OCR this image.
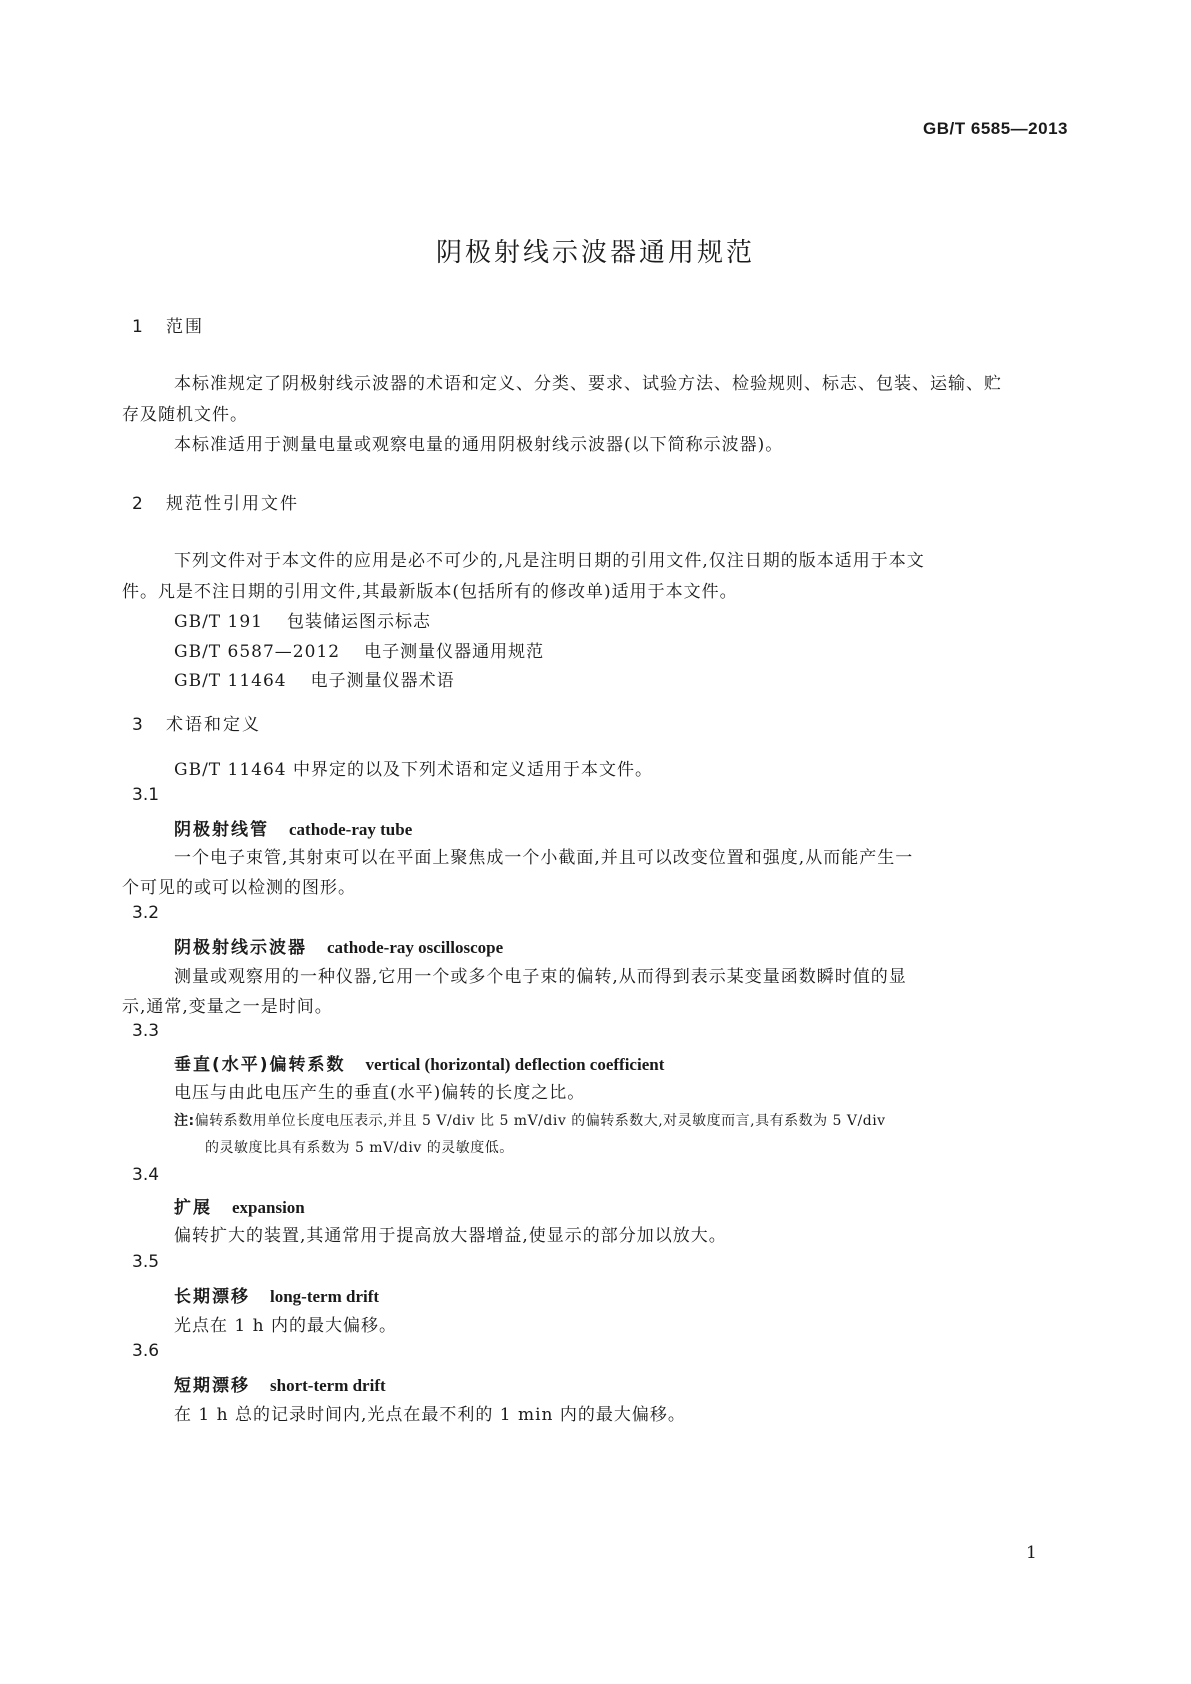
GB/T 6585—2013
阴极射线示波器通用规范
1 范围
本标准规定了阴极射线示波器的术语和定义、分类、要求、试验方法、检验规则、标志、包装、运输、贮
存及随机文件。
本标准适用于测量电量或观察电量的通用阴极射线示波器(以下简称示波器)。
2 规范性引用文件
下列文件对于本文件的应用是必不可少的,凡是注明日期的引用文件,仅注日期的版本适用于本文
件。凡是不注日期的引用文件,其最新版本(包括所有的修改单)适用于本文件。
GB/T 191 包装储运图示标志
GB/T 6587—2012 电子测量仪器通用规范
GB/T 11464 电子测量仪器术语
3 术语和定义
GB/T 11464 中界定的以及下列术语和定义适用于本文件。
3.1
阴极射线管 cathode-ray tube
一个电子束管,其射束可以在平面上聚焦成一个小截面,并且可以改变位置和强度,从而能产生一
个可见的或可以检测的图形。
3.2
阴极射线示波器 cathode-ray oscilloscope
测量或观察用的一种仪器,它用一个或多个电子束的偏转,从而得到表示某变量函数瞬时值的显
示,通常,变量之一是时间。
3.3
垂直(水平)偏转系数 vertical (horizontal) deflection coefficient
电压与由此电压产生的垂直(水平)偏转的长度之比。
注:偏转系数用单位长度电压表示,并且 5 V/div 比 5 mV/div 的偏转系数大,对灵敏度而言,具有系数为 5 V/div
的灵敏度比具有系数为 5 mV/div 的灵敏度低。
3.4
扩展 expansion
偏转扩大的装置,其通常用于提高放大器增益,使显示的部分加以放大。
3.5
长期漂移 long-term drift
光点在 1 h 内的最大偏移。
3.6
短期漂移 short-term drift
在 1 h 总的记录时间内,光点在最不利的 1 min 内的最大偏移。
1
